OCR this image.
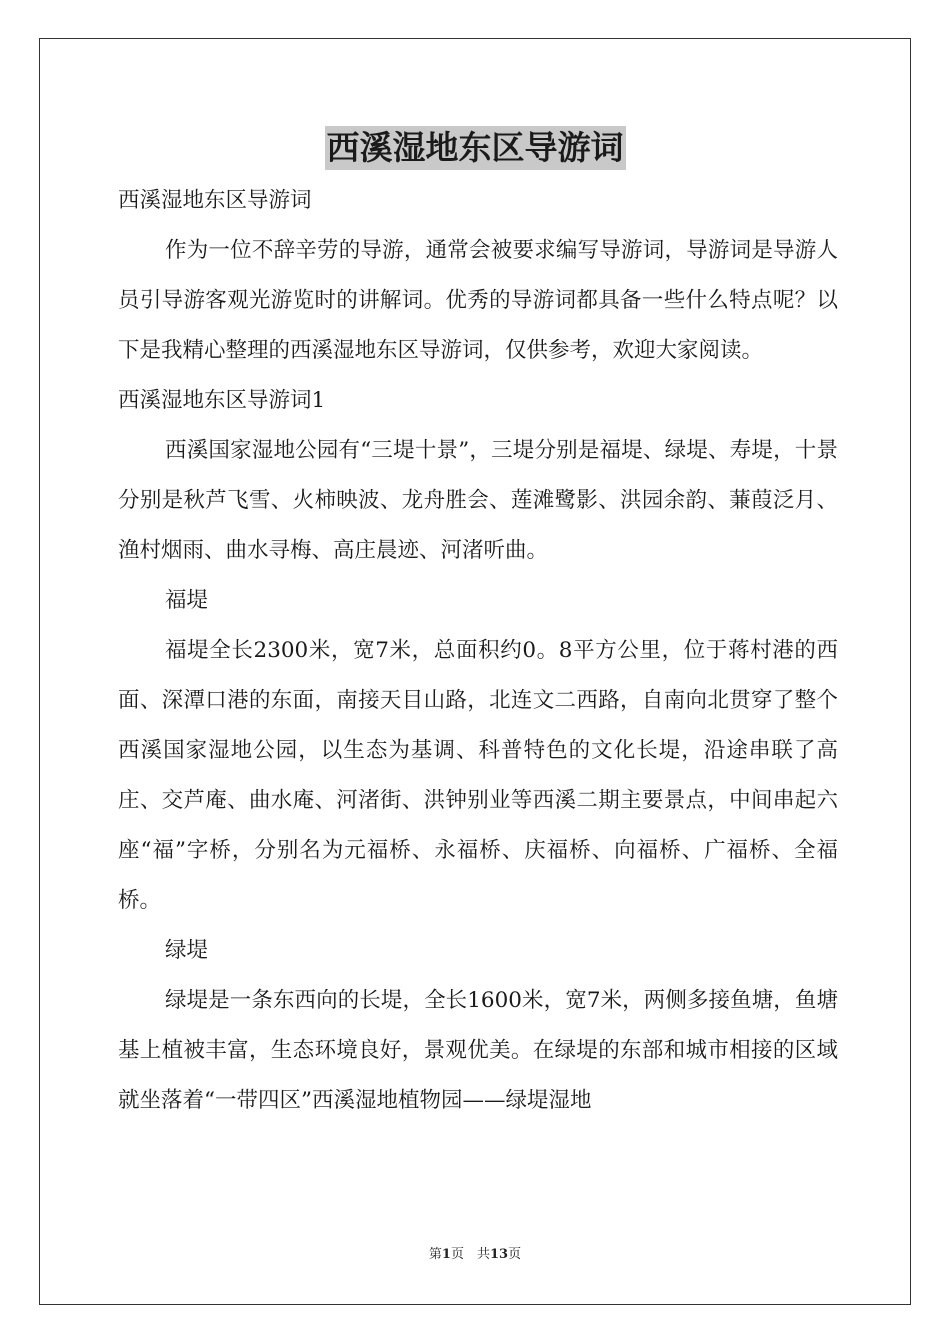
西溪湿地东区导游词

西溪湿地东区导游词

作为一位不辞辛劳的导游，通常会被要求编写导游词，导游词是导游人员引导游客观光游览时的讲解词。优秀的导游词都具备一些什么特点呢？以下是我精心整理的西溪湿地东区导游词，仅供参考，欢迎大家阅读。

西溪湿地东区导游词1

西溪国家湿地公园有“三堤十景”，三堤分别是福堤、绿堤、寿堤，十景分别是秋芦飞雪、火柿映波、龙舟胜会、莲滩鹭影、洪园余韵、蒹葭泛月、渔村烟雨、曲水寻梅、高庄晨迹、河渚听曲。

福堤

福堤全长2300米，宽7米，总面积约0。8平方公里，位于蒋村港的西面、深潭口港的东面，南接天目山路，北连文二西路，自南向北贯穿了整个西溪国家湿地公园，以生态为基调、科普特色的文化长堤，沿途串联了高庄、交芦庵、曲水庵、河渚街、洪钟别业等西溪二期主要景点，中间串起六座“福”字桥，分别名为元福桥、永福桥、庆福桥、向福桥、广福桥、全福桥。

绿堤

绿堤是一条东西向的长堤，全长1600米，宽7米，两侧多接鱼塘，鱼塘基上植被丰富，生态环境良好，景观优美。在绿堤的东部和城市相接的区域就坐落着“一带四区”西溪湿地植物园——绿堤湿地

第1页　共13页
